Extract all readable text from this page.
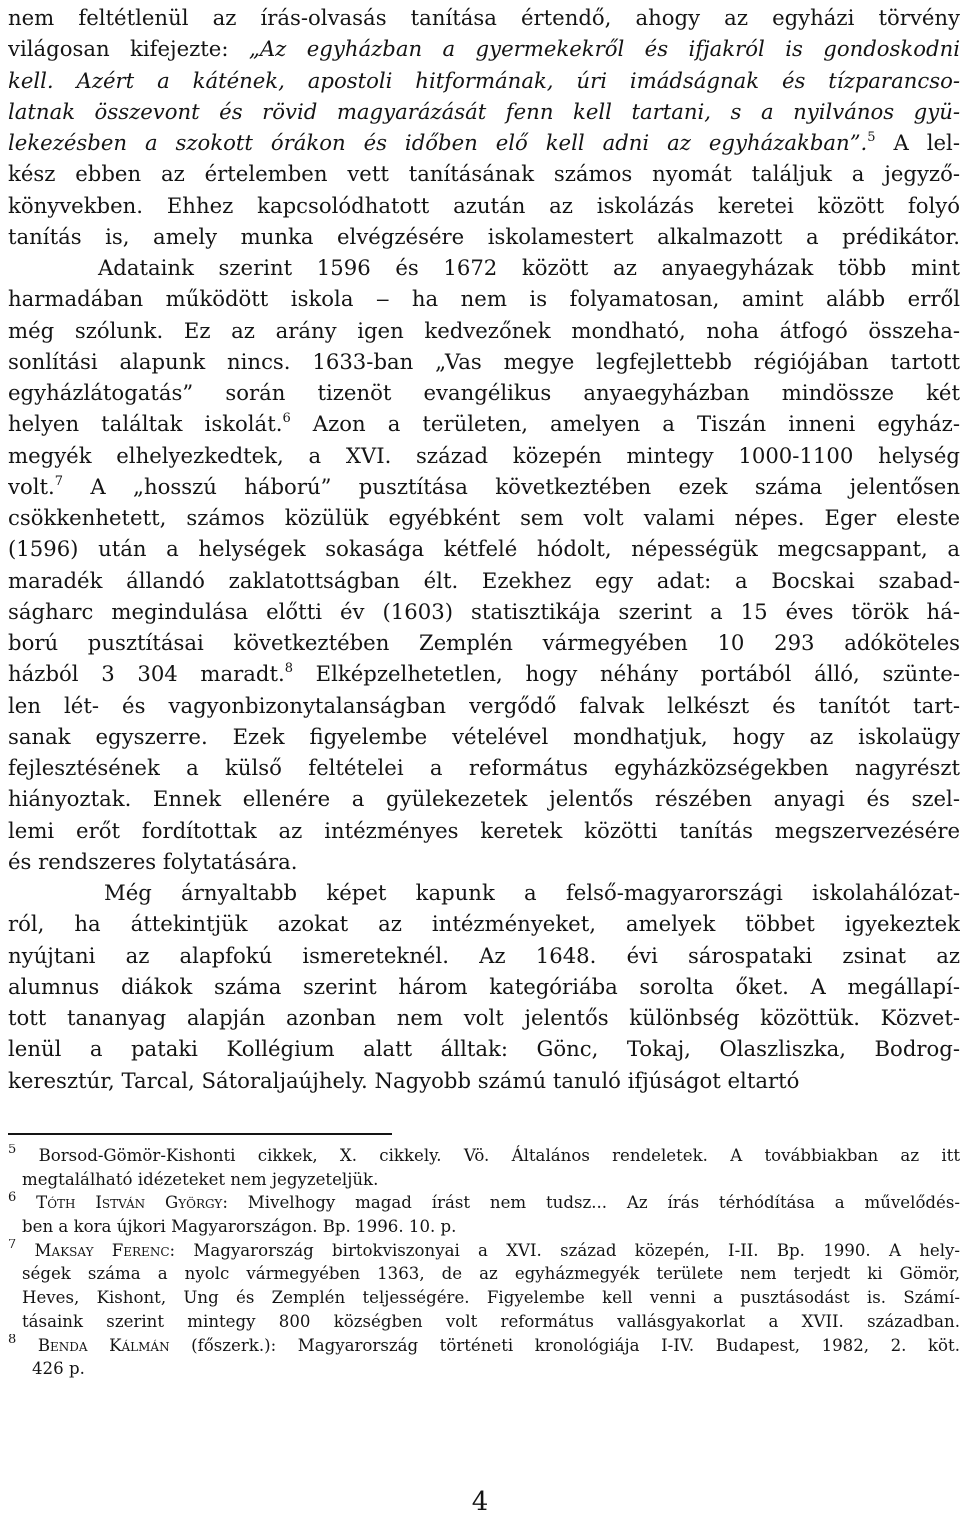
nem feltétlenül az írás-olvasás tanítása értendő, ahogy az egyházi törvény
világosan kifejezte: „Az egyházban a gyermekekről és ifjakról is gondoskodni
kell. Azért a kátének, apostoli hitformának, úri imádságnak és tízparancso-
latnak összevont és rövid magyarázását fenn kell tartani, s a nyilvános gyü-
lekezésben a szokott órákon és időben elő kell adni az egyházakban”.$^5$ A lel-
kész ebben az értelemben vett tanításának számos nyomát találjuk a jegyző-
könyvekben. Ehhez kapcsolódhatott azután az iskolázás keretei között folyó
tanítás is, amely munka elvégzésére iskolamestert alkalmazott a prédikátor.
Adataink szerint 1596 és 1672 között az anyaegyházak több mint
harmadában működött iskola ‒ ha nem is folyamatosan, amint alább erről
még szólunk. Ez az arány igen kedvezőnek mondható, noha átfogó összeha-
sonlítási alapunk nincs. 1633-ban „Vas megye legfejlettebb régiójában tartott
egyházlátogatás” során tizenöt evangélikus anyaegyházban mindössze két
helyen találtak iskolát.$^6$ Azon a területen, amelyen a Tiszán inneni egyház-
megyék elhelyezkedtek, a XVI. század közepén mintegy 1000-1100 helység
volt.$^7$ A „hosszú háború” pusztítása következtében ezek száma jelentősen
csökkenhetett, számos közülük egyébként sem volt valami népes. Eger eleste
(1596) után a helységek sokasága kétfelé hódolt, népességük megcsappant, a
maradék állandó zaklatottságban élt. Ezekhez egy adat: a Bocskai szabad-
ságharc megindulása előtti év (1603) statisztikája szerint a 15 éves török há-
ború pusztításai következtében Zemplén vármegyében 10 293 adóköteles
házból 3 304 maradt.$^8$ Elképzelhetetlen, hogy néhány portából álló, szünte-
len lét- és vagyonbizonytalanságban vergődő falvak lelkészt és tanítót tart-
sanak egyszerre. Ezek figyelembe vételével mondhatjuk, hogy az iskolaügy
fejlesztésének a külső feltételei a református egyházközségekben nagyrészt
hiányoztak. Ennek ellenére a gyülekezetek jelentős részében anyagi és szel-
lemi erőt fordítottak az intézményes keretek közötti tanítás megszervezésére
és rendszeres folytatására.
Még árnyaltabb képet kapunk a felső-magyarországi iskolahálózat-
ról, ha áttekintjük azokat az intézményeket, amelyek többet igyekeztek
nyújtani az alapfokú ismereteknél. Az 1648. évi sárospataki zsinat az
alumnus diákok száma szerint három kategóriába sorolta őket. A megállapí-
tott tananyag alapján azonban nem volt jelentős különbség közöttük. Közvet-
lenül a pataki Kollégium alatt álltak: Gönc, Tokaj, Olaszliszka, Bodrog-
keresztúr, Tarcal, Sátoraljaújhely. Nagyobb számú tanuló ifjúságot eltartó
$^5$ Borsod-Gömör-Kishonti cikkek, X. cikkely. Vö. Általános rendeletek. A továbbiakban az itt
megtalálható idézeteket nem jegyzeteljük.
$^6$ Tóth István György: Mivelhogy magad írást nem tudsz... Az írás térhódítása a művelődés-
ben a kora újkori Magyarországon. Bp. 1996. 10. p.
$^7$ Maksay Ferenc: Magyarország birtokviszonyai a XVI. század közepén, I-II. Bp. 1990. A hely-
ségek száma a nyolc vármegyében 1363, de az egyházmegyék területe nem terjedt ki Gömör,
Heves, Kishont, Ung és Zemplén teljességére. Figyelembe kell venni a pusztásodást is. Számí-
tásaink szerint mintegy 800 községben volt református vallásgyakorlat a XVII. században.
$^8$ Benda Kálmán (főszerk.): Magyarország történeti kronológiája I-IV. Budapest, 1982, 2. köt.
426 p.
4
